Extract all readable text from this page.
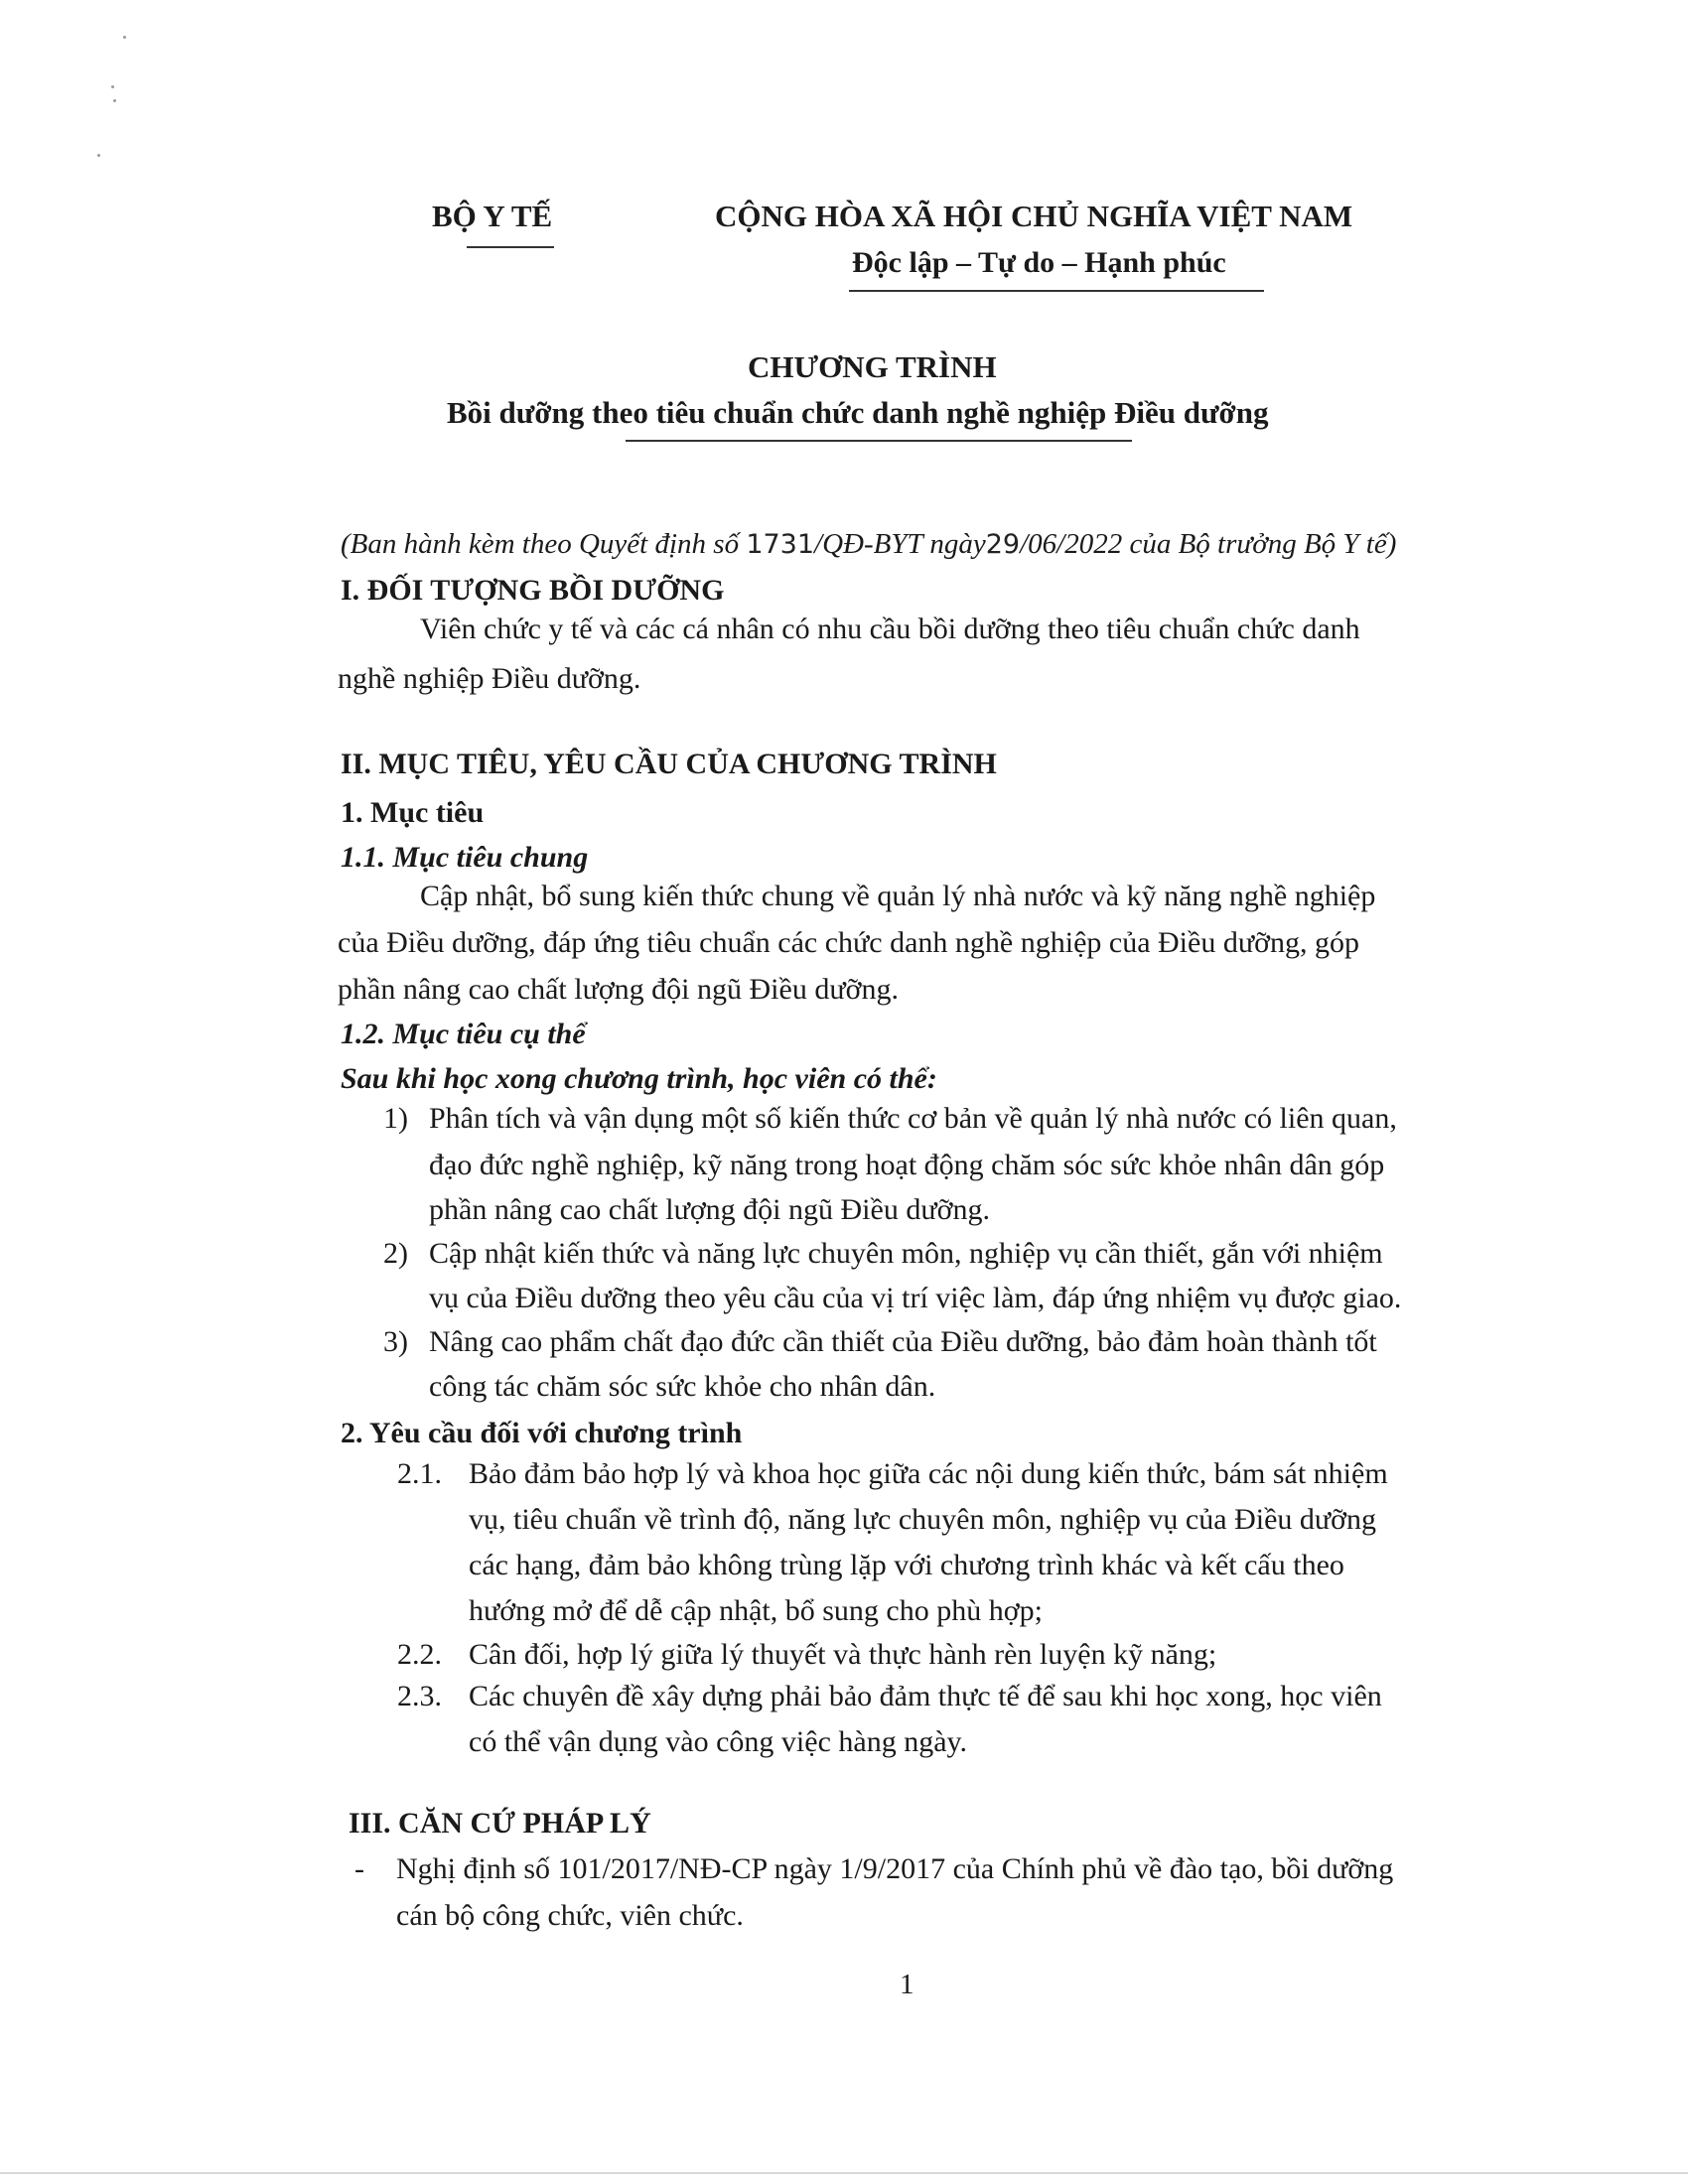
BỘ Y TẾ	CỘNG HÒA XÃ HỘI CHỦ NGHĨA VIỆT NAM
Độc lập – Tự do – Hạnh phúc
CHƯƠNG TRÌNH
Bồi dưỡng theo tiêu chuẩn chức danh nghề nghiệp Điều dưỡng
(Ban hành kèm theo Quyết định số 1731/QĐ-BYT ngày29/06/2022 của Bộ trưởng Bộ Y tế)
I. ĐỐI TƯỢNG BỒI DƯỠNG
Viên chức y tế và các cá nhân có nhu cầu bồi dưỡng theo tiêu chuẩn chức danh
nghề nghiệp Điều dưỡng.
II. MỤC TIÊU, YÊU CẦU CỦA CHƯƠNG TRÌNH
1. Mục tiêu
1.1. Mục tiêu chung
Cập nhật, bổ sung kiến thức chung về quản lý nhà nước và kỹ năng nghề nghiệp
của Điều dưỡng, đáp ứng tiêu chuẩn các chức danh nghề nghiệp của Điều dưỡng, góp
phần nâng cao chất lượng đội ngũ Điều dưỡng.
1.2. Mục tiêu cụ thể
Sau khi học xong chương trình, học viên có thể:
1) Phân tích và vận dụng một số kiến thức cơ bản về quản lý nhà nước có liên quan,
đạo đức nghề nghiệp, kỹ năng trong hoạt động chăm sóc sức khỏe nhân dân góp
phần nâng cao chất lượng đội ngũ Điều dưỡng.
2) Cập nhật kiến thức và năng lực chuyên môn, nghiệp vụ cần thiết, gắn với nhiệm
vụ của Điều dưỡng theo yêu cầu của vị trí việc làm, đáp ứng nhiệm vụ được giao.
3) Nâng cao phẩm chất đạo đức cần thiết của Điều dưỡng, bảo đảm hoàn thành tốt
công tác chăm sóc sức khỏe cho nhân dân.
2. Yêu cầu đối với chương trình
2.1. Bảo đảm bảo hợp lý và khoa học giữa các nội dung kiến thức, bám sát nhiệm
vụ, tiêu chuẩn về trình độ, năng lực chuyên môn, nghiệp vụ của Điều dưỡng
các hạng, đảm bảo không trùng lặp với chương trình khác và kết cấu theo
hướng mở để dễ cập nhật, bổ sung cho phù hợp;
2.2. Cân đối, hợp lý giữa lý thuyết và thực hành rèn luyện kỹ năng;
2.3. Các chuyên đề xây dựng phải bảo đảm thực tế để sau khi học xong, học viên
có thể vận dụng vào công việc hàng ngày.
III. CĂN CỨ PHÁP LÝ
- Nghị định số 101/2017/NĐ-CP ngày 1/9/2017 của Chính phủ về đào tạo, bồi dưỡng
cán bộ công chức, viên chức.
1
